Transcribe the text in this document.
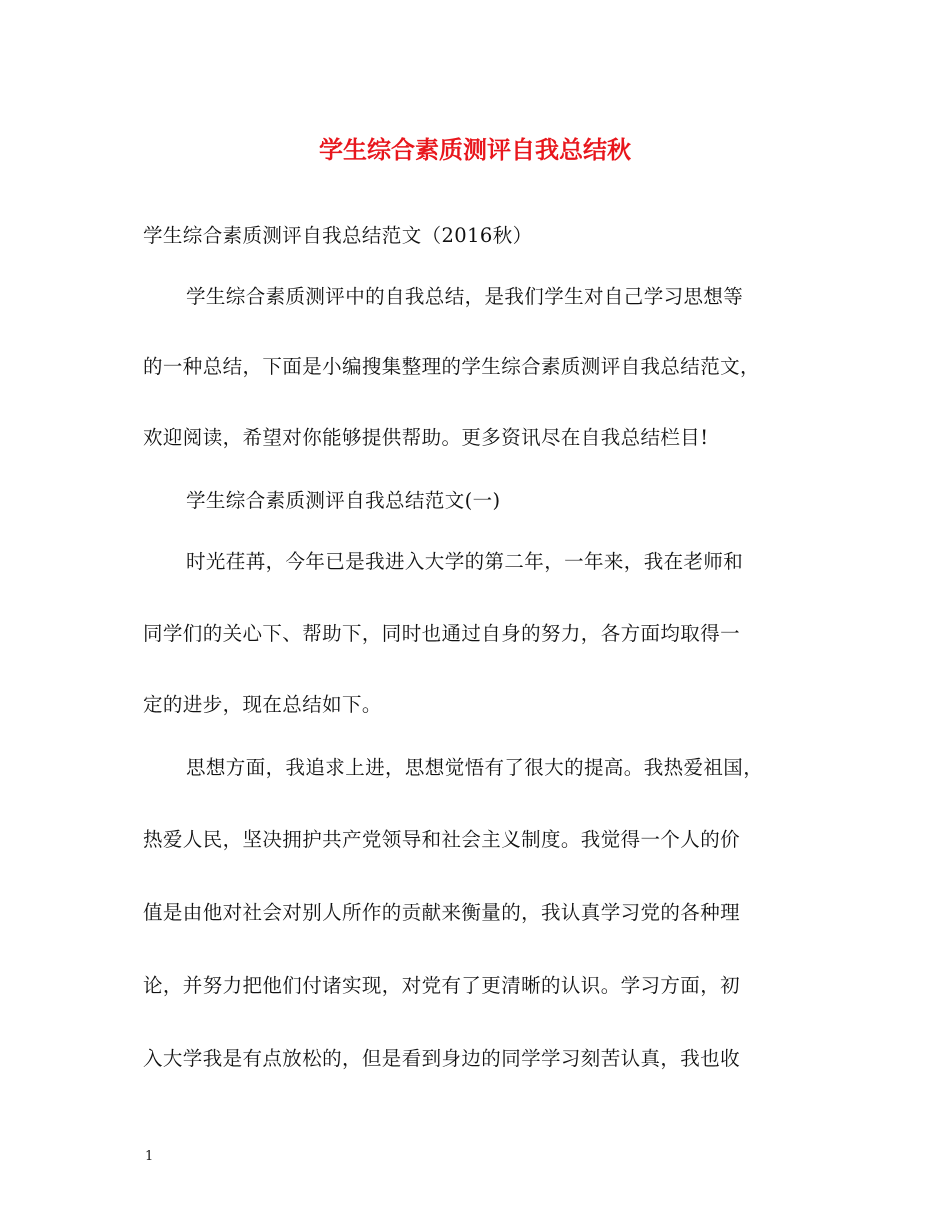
学生综合素质测评自我总结秋
学生综合素质测评自我总结范文（2016秋）
学生综合素质测评中的自我总结，是我们学生对自己学习思想等
的一种总结，下面是小编搜集整理的学生综合素质测评自我总结范文，
欢迎阅读，希望对你能够提供帮助。更多资讯尽在自我总结栏目!
学生综合素质测评自我总结范文(一)
时光荏苒，今年已是我进入大学的第二年，一年来，我在老师和
同学们的关心下、帮助下，同时也通过自身的努力，各方面均取得一
定的进步，现在总结如下。
思想方面，我追求上进，思想觉悟有了很大的提高。我热爱祖国，
热爱人民，坚决拥护共产党领导和社会主义制度。我觉得一个人的价
值是由他对社会对别人所作的贡献来衡量的，我认真学习党的各种理
论，并努力把他们付诸实现，对党有了更清晰的认识。学习方面，初
入大学我是有点放松的，但是看到身边的同学学习刻苦认真，我也收
1
